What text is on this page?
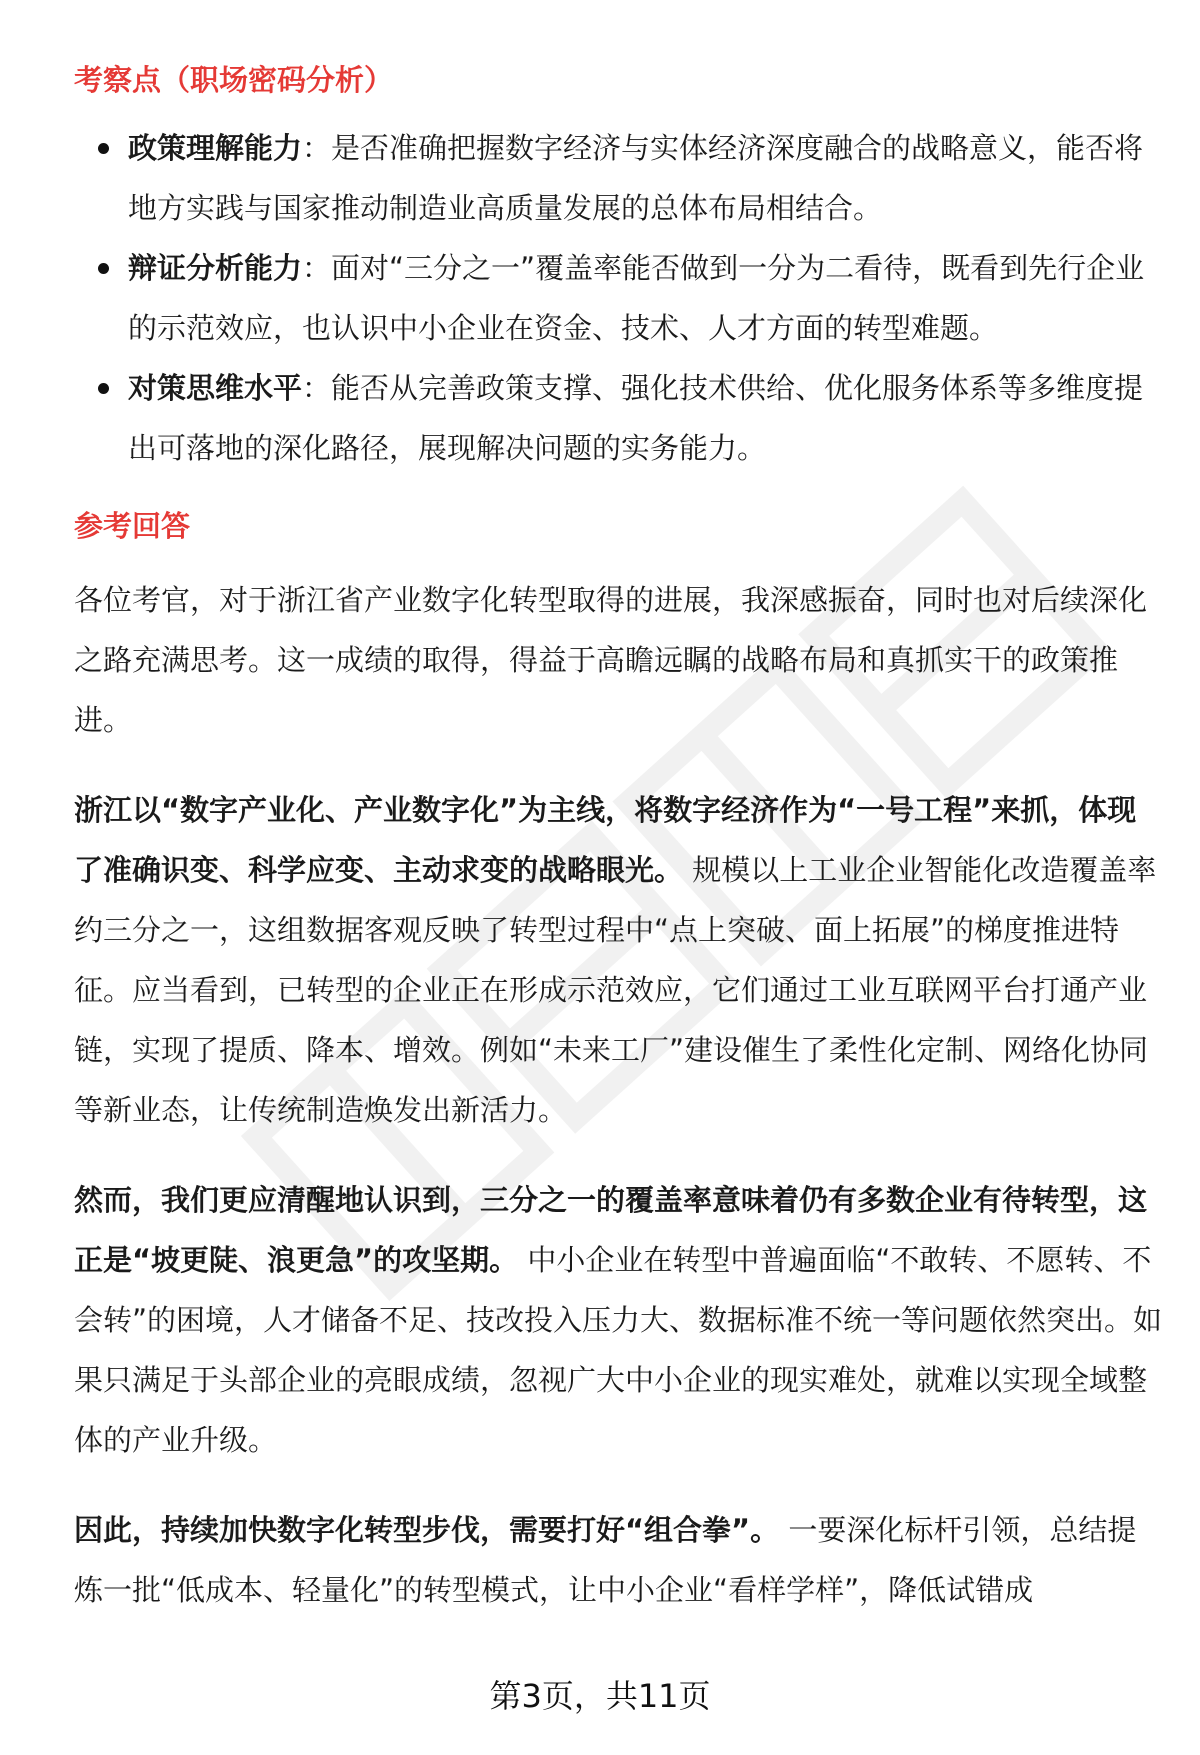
考察点（职场密码分析）
政策理解能力：是否准确把握数字经济与实体经济深度融合的战略意义，能否将地方实践与国家推动制造业高质量发展的总体布局相结合。
辩证分析能力：面对“三分之一”覆盖率能否做到一分为二看待，既看到先行企业的示范效应，也认识中小企业在资金、技术、人才方面的转型难题。
对策思维水平：能否从完善政策支撑、强化技术供给、优化服务体系等多维度提出可落地的深化路径，展现解决问题的实务能力。
参考回答

各位考官，对于浙江省产业数字化转型取得的进展，我深感振奋，同时也对后续深化之路充满思考。这一成绩的取得，得益于高瞻远瞩的战略布局和真抓实干的政策推进。

浙江以“数字产业化、产业数字化”为主线，将数字经济作为“一号工程”来抓，体现了准确识变、科学应变、主动求变的战略眼光。 规模以上工业企业智能化改造覆盖率约三分之一，这组数据客观反映了转型过程中“点上突破、面上拓展”的梯度推进特征。应当看到，已转型的企业正在形成示范效应，它们通过工业互联网平台打通产业链，实现了提质、降本、增效。例如“未来工厂”建设催生了柔性化定制、网络化协同等新业态，让传统制造焕发出新活力。

然而，我们更应清醒地认识到，三分之一的覆盖率意味着仍有多数企业有待转型，这正是“坡更陡、浪更急”的攻坚期。 中小企业在转型中普遍面临“不敢转、不愿转、不会转”的困境，人才储备不足、技改投入压力大、数据标准不统一等问题依然突出。如果只满足于头部企业的亮眼成绩，忽视广大中小企业的现实难处，就难以实现全域整体的产业升级。

因此，持续加快数字化转型步伐，需要打好“组合拳”。 一要深化标杆引领，总结提炼一批“低成本、轻量化”的转型模式，让中小企业“看样学样”，降低试错成

第3页，共11页
